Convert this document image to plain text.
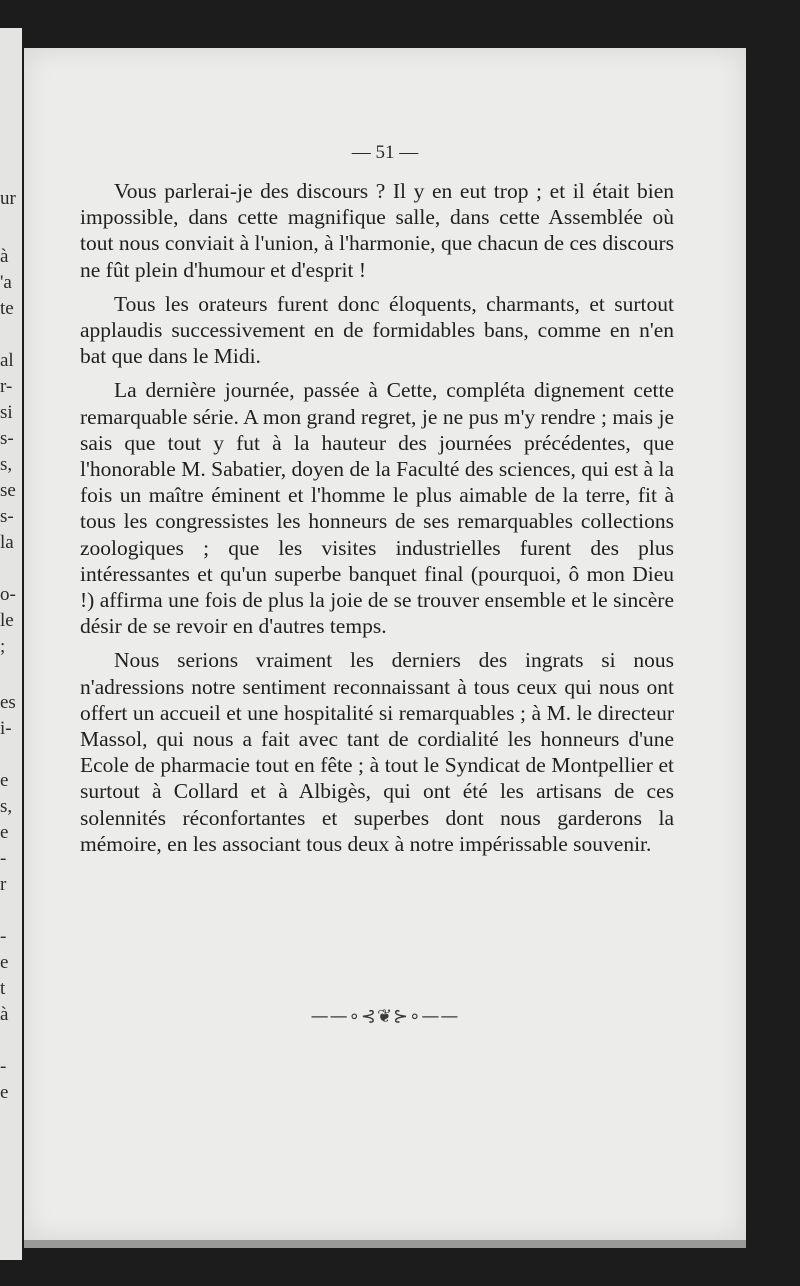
ur
à
'a
te
al
r-
si
s-
s,
se
s-
la
o-
le
;
es
i-
e
s,
e
-
r
-
e
t
à
-
e
— 51 —

Vous parlerai-je des discours ? Il y en eut trop ; et il était bien impossible, dans cette magnifique salle, dans cette Assemblée où tout nous conviait à l'union, à l'harmonie, que chacun de ces discours ne fût plein d'humour et d'esprit !

Tous les orateurs furent donc éloquents, charmants, et surtout applaudis successivement en de formidables bans, comme en n'en bat que dans le Midi.

La dernière journée, passée à Cette, compléta dignement cette remarquable série. A mon grand regret, je ne pus m'y rendre ; mais je sais que tout y fut à la hauteur des journées précédentes, que l'honorable M. Sabatier, doyen de la Faculté des sciences, qui est à la fois un maître éminent et l'homme le plus aimable de la terre, fit à tous les congressistes les honneurs de ses remarquables collections zoologiques ; que les visites industrielles furent des plus intéressantes et qu'un superbe banquet final (pourquoi, ô mon Dieu !) affirma une fois de plus la joie de se trouver ensemble et le sincère désir de se revoir en d'autres temps.

Nous serions vraiment les derniers des ingrats si nous n'adressions notre sentiment reconnaissant à tous ceux qui nous ont offert un accueil et une hospitalité si remarquables ; à M. le directeur Massol, qui nous a fait avec tant de cordialité les honneurs d'une Ecole de pharmacie tout en fête ; à tout le Syndicat de Montpellier et surtout à Collard et à Albigès, qui ont été les artisans de ces solennités réconfortantes et superbes dont nous garderons la mémoire, en les associant tous deux à notre impérissable souvenir.

——∘⊰❦⊱∘——
